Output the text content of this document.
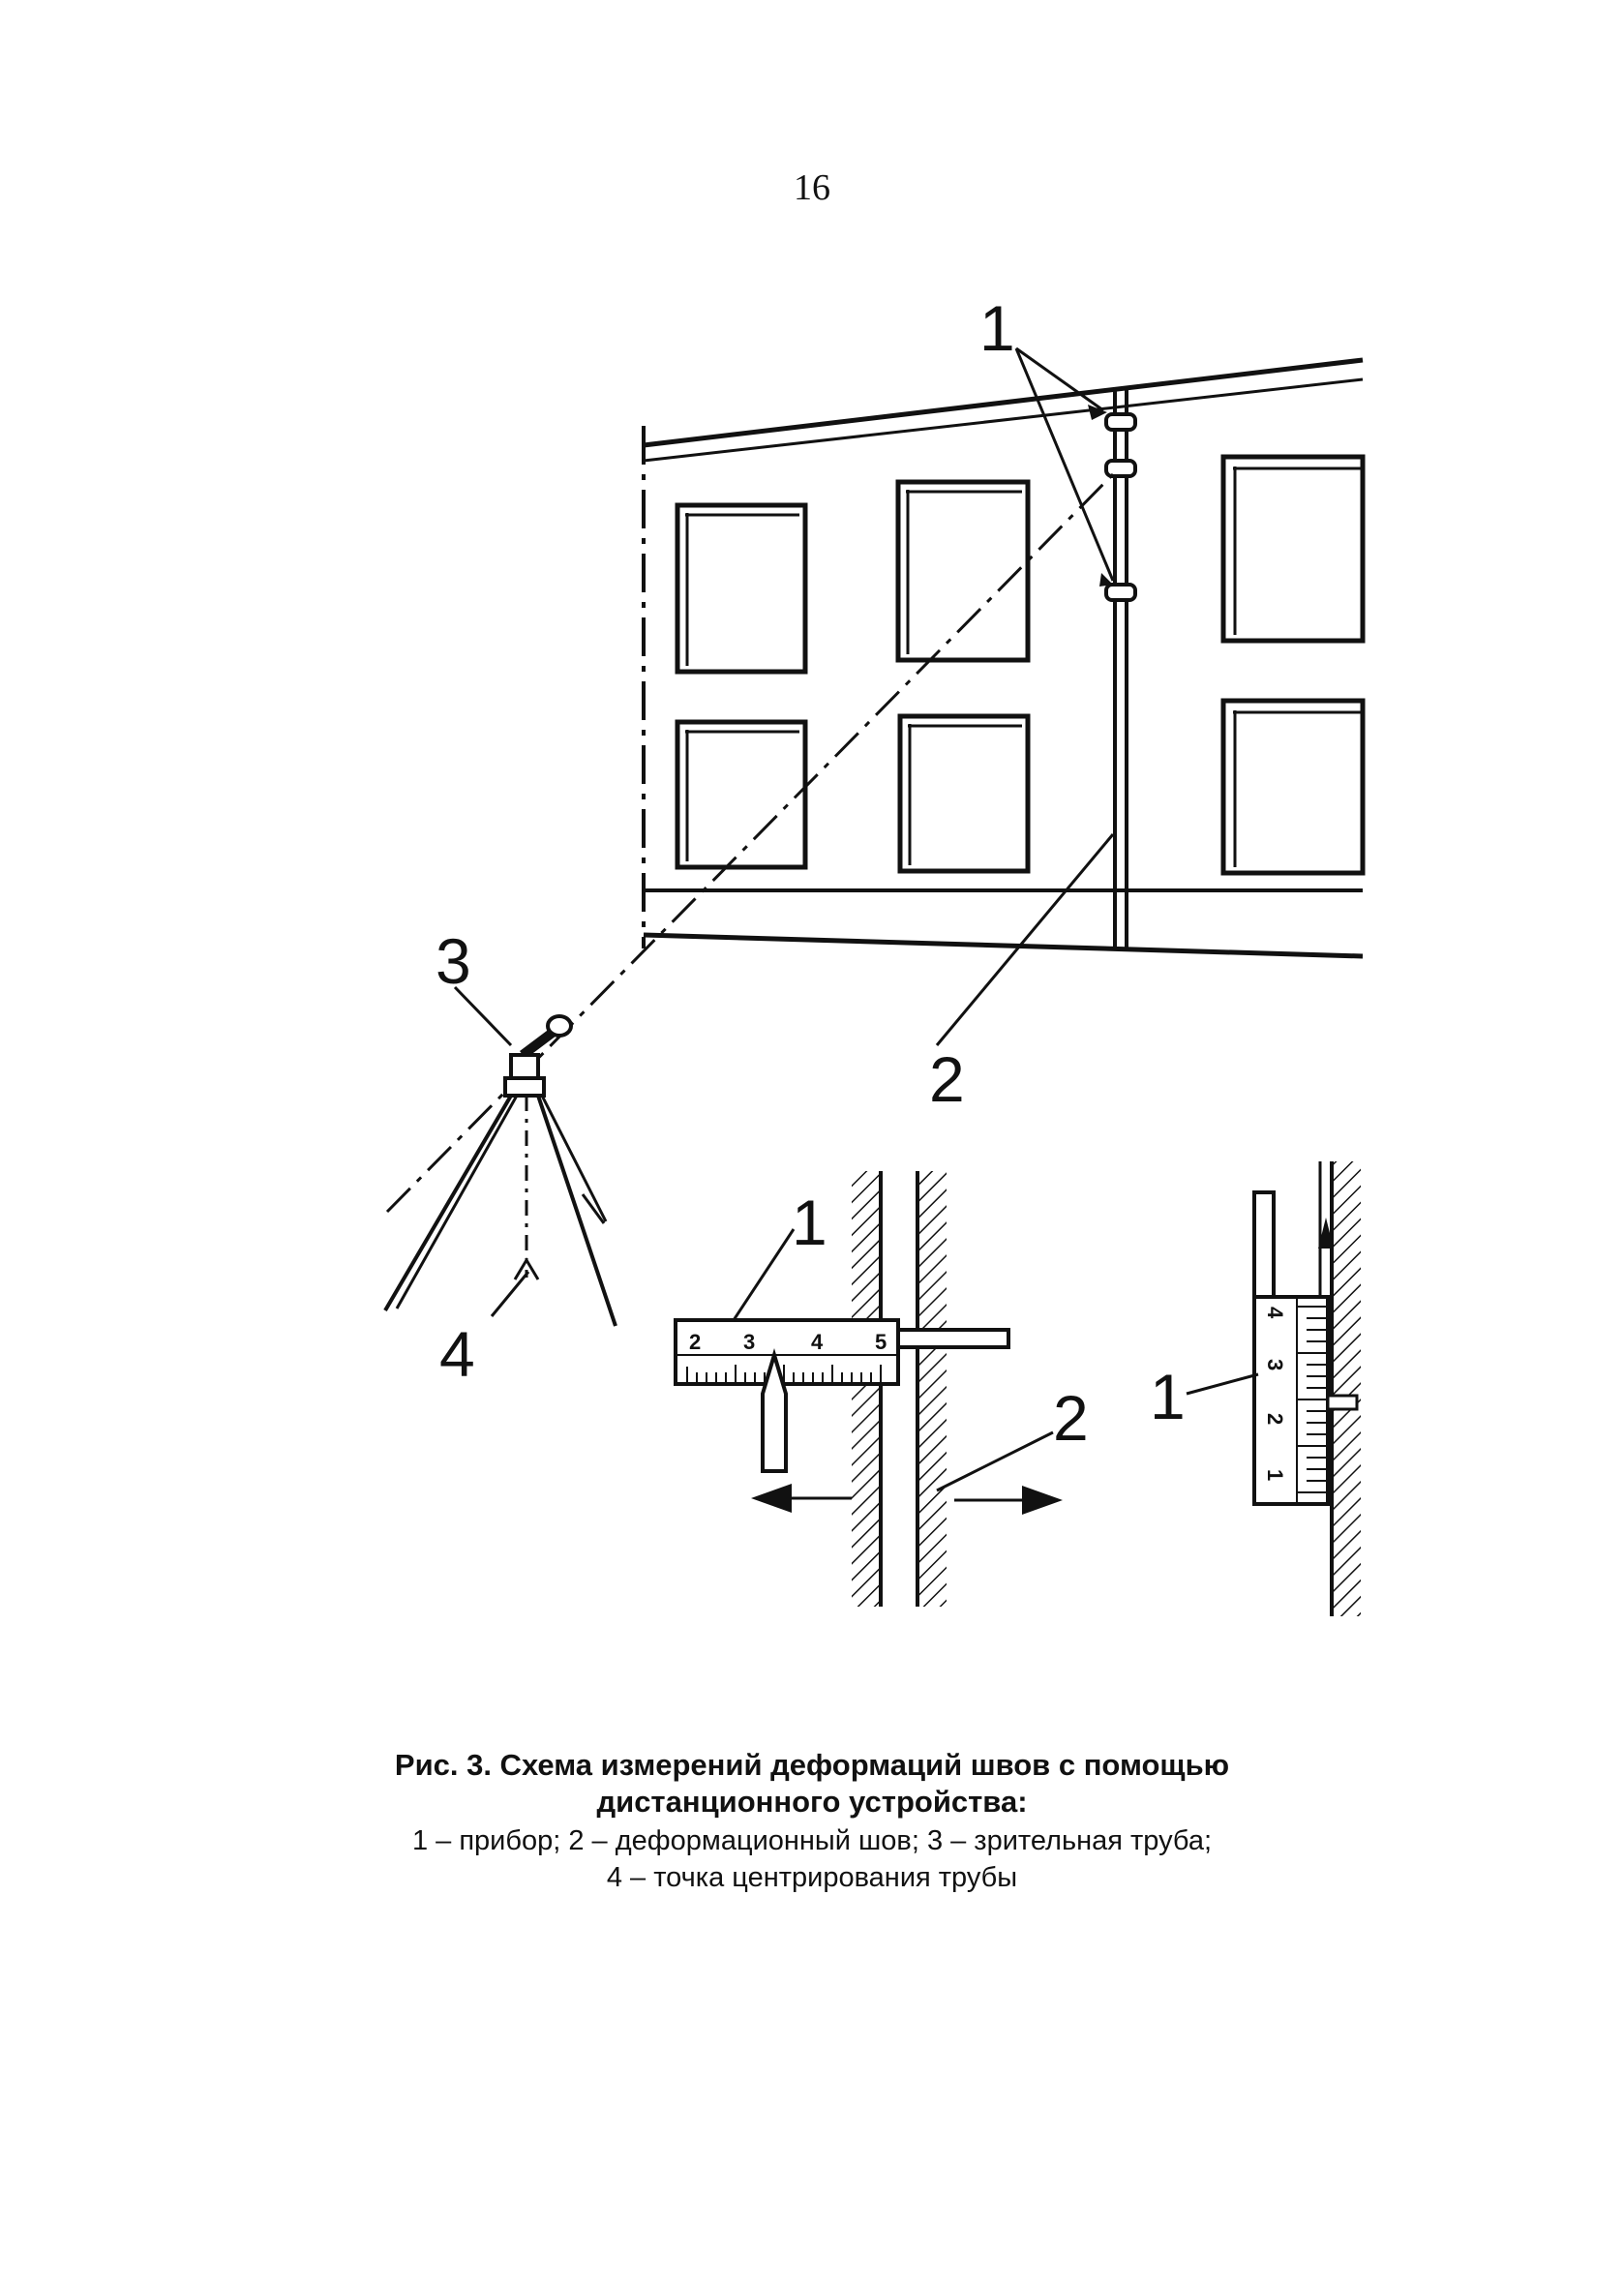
16
2 3	4 5
4
3
2
1
1
2
3
4
1
2 1
Рис. 3. Схема измерений деформаций швов с помощью дистанционного устройства:
1 – прибор; 2 – деформационный шов; 3 – зрительная труба;
4 – точка центрирования трубы
